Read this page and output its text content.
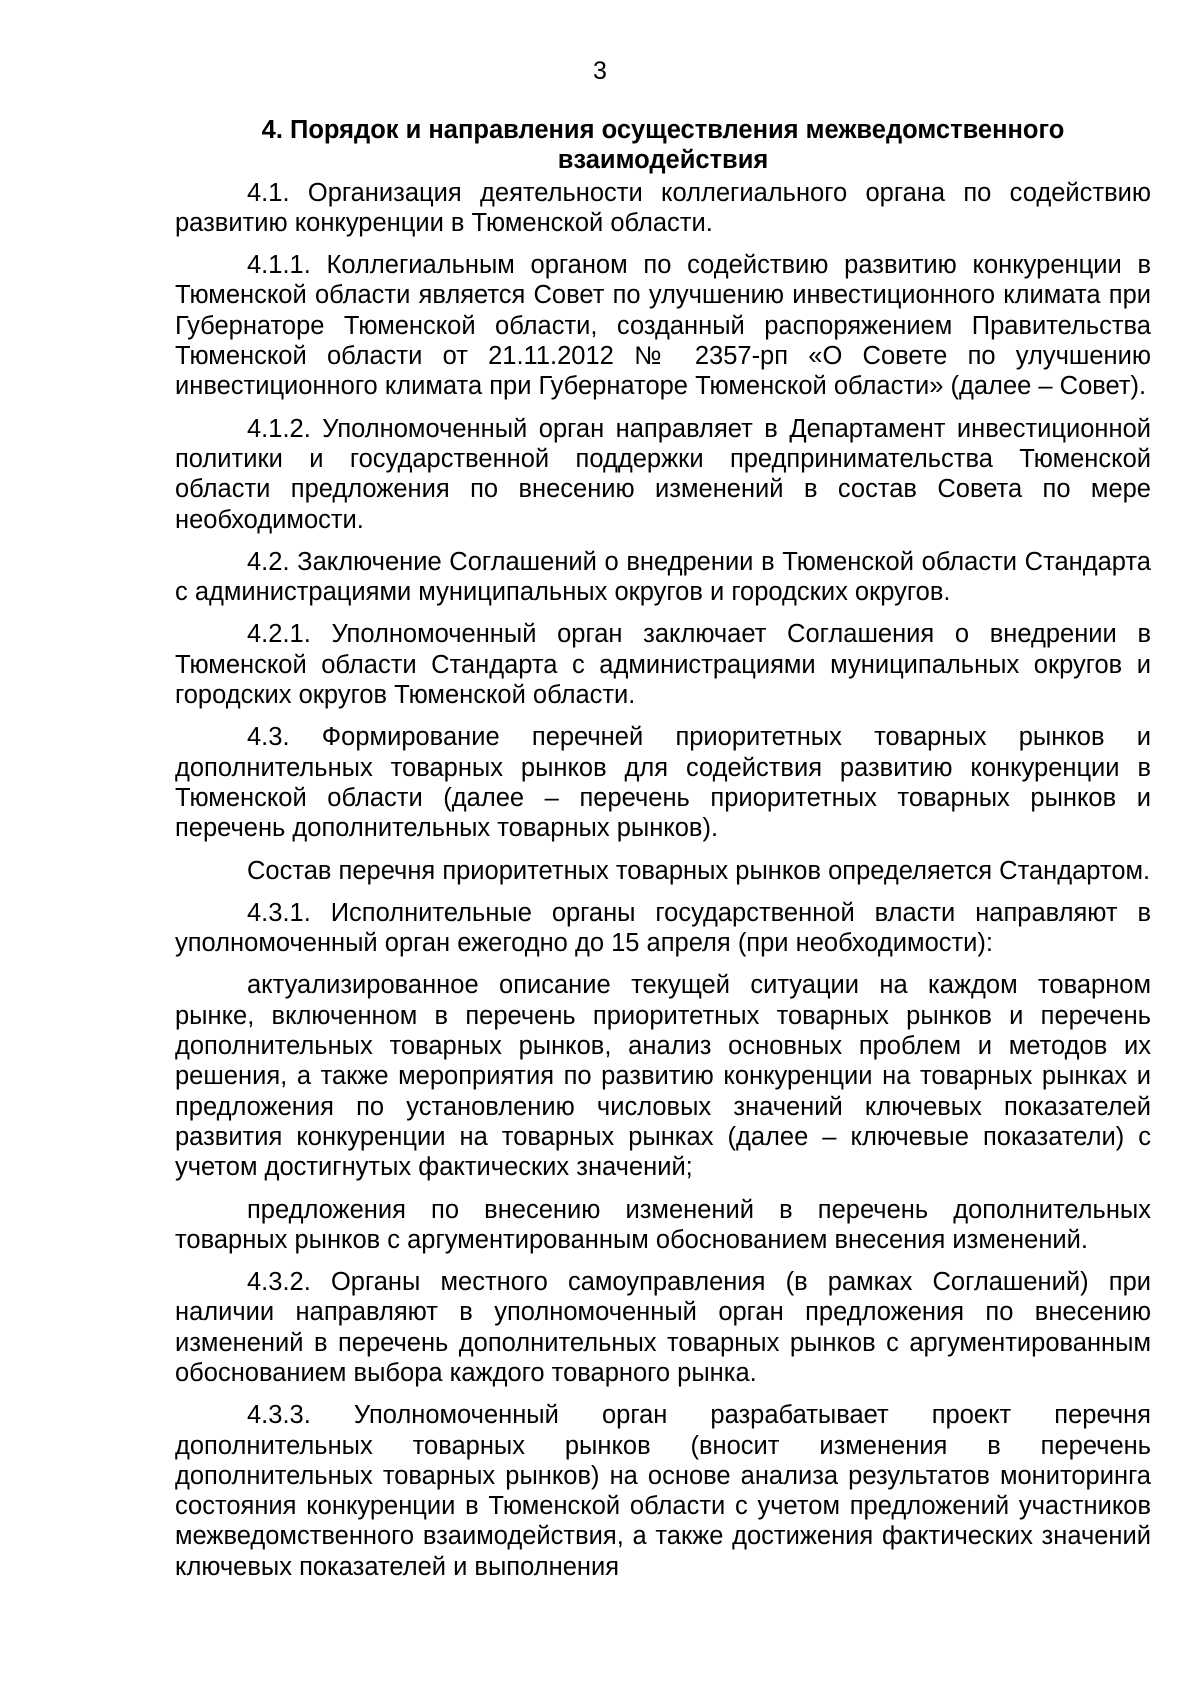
3
4. Порядок и направления осуществления межведомственного
взаимодействия

4.1. Организация деятельности коллегиального органа по содействию развитию конкуренции в Тюменской области.

4.1.1. Коллегиальным органом по содействию развитию конкуренции в Тюменской области является Совет по улучшению инвестиционного климата при Губернаторе Тюменской области, созданный распоряжением Правительства Тюменской области от 21.11.2012 № 2357-рп «О Совете по улучшению инвестиционного климата при Губернаторе Тюменской области» (далее – Совет).

4.1.2. Уполномоченный орган направляет в Департамент инвестиционной политики и государственной поддержки предпринимательства Тюменской области предложения по внесению изменений в состав Совета по мере необходимости.

4.2. Заключение Соглашений о внедрении в Тюменской области Стандарта с администрациями муниципальных округов и городских округов.

4.2.1. Уполномоченный орган заключает Соглашения о внедрении в Тюменской области Стандарта с администрациями муниципальных округов и городских округов Тюменской области.

4.3. Формирование перечней приоритетных товарных рынков и дополнительных товарных рынков для содействия развитию конкуренции в Тюменской области (далее – перечень приоритетных товарных рынков и перечень дополнительных товарных рынков).

Состав перечня приоритетных товарных рынков определяется Стандартом.

4.3.1. Исполнительные органы государственной власти направляют в уполномоченный орган ежегодно до 15 апреля (при необходимости):

актуализированное описание текущей ситуации на каждом товарном рынке, включенном в перечень приоритетных товарных рынков и перечень дополнительных товарных рынков, анализ основных проблем и методов их решения, а также мероприятия по развитию конкуренции на товарных рынках и предложения по установлению числовых значений ключевых показателей развития конкуренции на товарных рынках (далее – ключевые показатели) с учетом достигнутых фактических значений;

предложения по внесению изменений в перечень дополнительных товарных рынков с аргументированным обоснованием внесения изменений.

4.3.2. Органы местного самоуправления (в рамках Соглашений) при наличии направляют в уполномоченный орган предложения по внесению изменений в перечень дополнительных товарных рынков с аргументированным обоснованием выбора каждого товарного рынка.

4.3.3. Уполномоченный орган разрабатывает проект перечня дополнительных товарных рынков (вносит изменения в перечень дополнительных товарных рынков) на основе анализа результатов мониторинга состояния конкуренции в Тюменской области с учетом предложений участников межведомственного взаимодействия, а также достижения фактических значений ключевых показателей и выполнения
